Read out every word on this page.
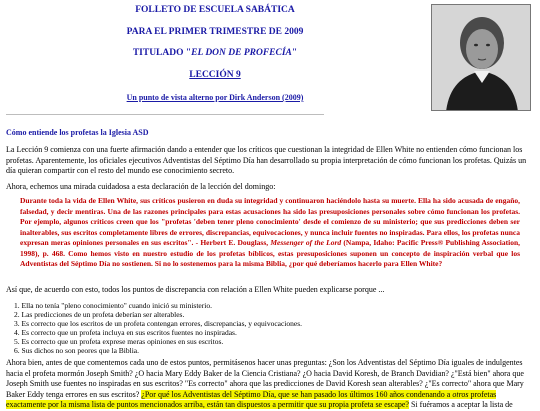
FOLLETO DE ESCUELA SABÁTICA
PARA EL PRIMER TRIMESTRE DE 2009
TITULADO "EL DON DE PROFECÍA"
LECCIÓN 9
Un punto de vista alterno por Dirk Anderson (2009)
Cómo entiende los profetas la Iglesia ASD
La Lección 9 comienza con una fuerte afirmación dando a entender que los críticos que cuestionan la integridad de Ellen White no entienden cómo funcionan los profetas. Aparentemente, los oficiales ejecutivos Adventistas del Séptimo Día han desarrollado su propia interpretación de cómo funcionan los profetas. Quizás un día quieran compartir con el resto del mundo ese conocimiento secreto.
Ahora, echemos una mirada cuidadosa a esta declaración de la lección del domingo:
Durante toda la vida de Ellen White, sus críticos pusieron en duda su integridad y continuaron haciéndolo hasta su muerte. Ella ha sido acusada de engaño, falsedad, y decir mentiras. Una de las razones principales para estas acusaciones ha sido las presuposiciones personales sobre cómo funcionan los profetas. Por ejemplo, algunos críticos creen que los "profetas 'deben tener pleno conocimiento' desde el comienzo de su ministerio; que sus predicciones deben ser inalterables, sus escritos completamente libres de errores, discrepancias, equivocaciones, y nunca incluir fuentes no inspiradas. Para ellos, los profetas nunca expresan meras opiniones personales en sus escritos". - Herbert E. Douglass, Messenger of the Lord (Nampa, Idaho: Pacific Press® Publishing Association, 1998), p. 468. Como hemos visto en nuestro estudio de los profetas bíblicos, estas presuposiciones suponen un concepto de inspiración verbal que los Adventistas del Séptimo Día no sostienen. Si no lo sostenemos para la misma Biblia, ¿por qué deberíamos hacerlo para Ellen White?
Así que, de acuerdo con esto, todos los puntos de discrepancia con relación a Ellen White pueden explicarse porque ...
1. Ella no tenía "pleno conocimiento" cuando inició su ministerio.
2. Las predicciones de un profeta deberían ser alterables.
3. Es correcto que los escritos de un profeta contengan errores, discrepancias, y equivocaciones.
4. Es correcto que un profeta incluya en sus escritos fuentes no inspiradas.
5. Es correcto que un profeta exprese meras opiniones en sus escritos.
6. Sus dichos no son peores que la Biblia.
Ahora bien, antes de que comentemos cada uno de estos puntos, permitásenos hacer unas preguntas: ¿Son los Adventistas del Séptimo Día iguales de indulgentes hacia el profeta mormón Joseph Smith? ¿O hacia Mary Eddy Baker de la Ciencia Cristiana? ¿O hacia David Koresh, de Branch Davidian? ¿"Está bien" ahora que Joseph Smith use fuentes no inspiradas en sus escritos? "Es correcto" ahora que las predicciones de David Koresh sean alterables? ¿"Es correcto" ahora que Mary Baker Eddy tenga errores en sus escritos? ¿Por qué los Adventistas del Séptimo Día, que se han pasado los últimos 160 años condenando a otros profetas exactamente por la misma lista de puntos mencionados arriba, están tan dispuestos a permitir que su propia profeta se escape? Si fuéramos a aceptar la lista de
